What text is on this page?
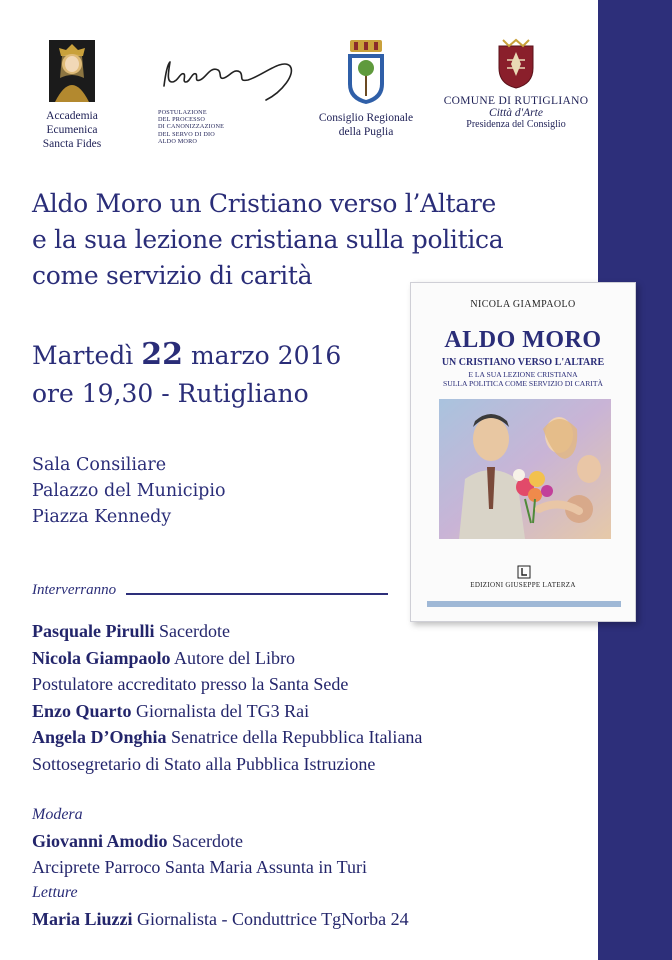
Accademia Ecumenica
Sancta Fides
POSTULAZIONE
DEL PROCESSO
DI CANONIZZAZIONE
DEL SERVO DI DIO
ALDO MORO
Consiglio Regionale
della Puglia
COMUNE DI RUTIGLIANO
Città d'Arte
Presidenza del Consiglio
Aldo Moro un Cristiano verso l’Altare
e la sua lezione cristiana sulla politica
come servizio di carità
Martedì 22 marzo 2016
ore 19,30 - Rutigliano
Sala Consiliare
Palazzo del Municipio
Piazza Kennedy
NICOLA GIAMPAOLO
ALDO MORO
UN CRISTIANO VERSO L'ALTARE
E LA SUA LEZIONE CRISTIANA
SULLA POLITICA COME SERVIZIO DI CARITÀ
EDIZIONI GIUSEPPE LATERZA
Interverranno
Pasquale Pirulli Sacerdote
Nicola Giampaolo Autore del Libro
Postulatore accreditato presso la Santa Sede
Enzo Quarto Giornalista del TG3 Rai
Angela D’Onghia Senatrice della Repubblica Italiana
Sottosegretario di Stato alla Pubblica Istruzione
Modera
Giovanni Amodio Sacerdote
Arciprete Parroco Santa Maria Assunta in Turi
Letture
Maria Liuzzi Giornalista - Conduttrice TgNorba 24
